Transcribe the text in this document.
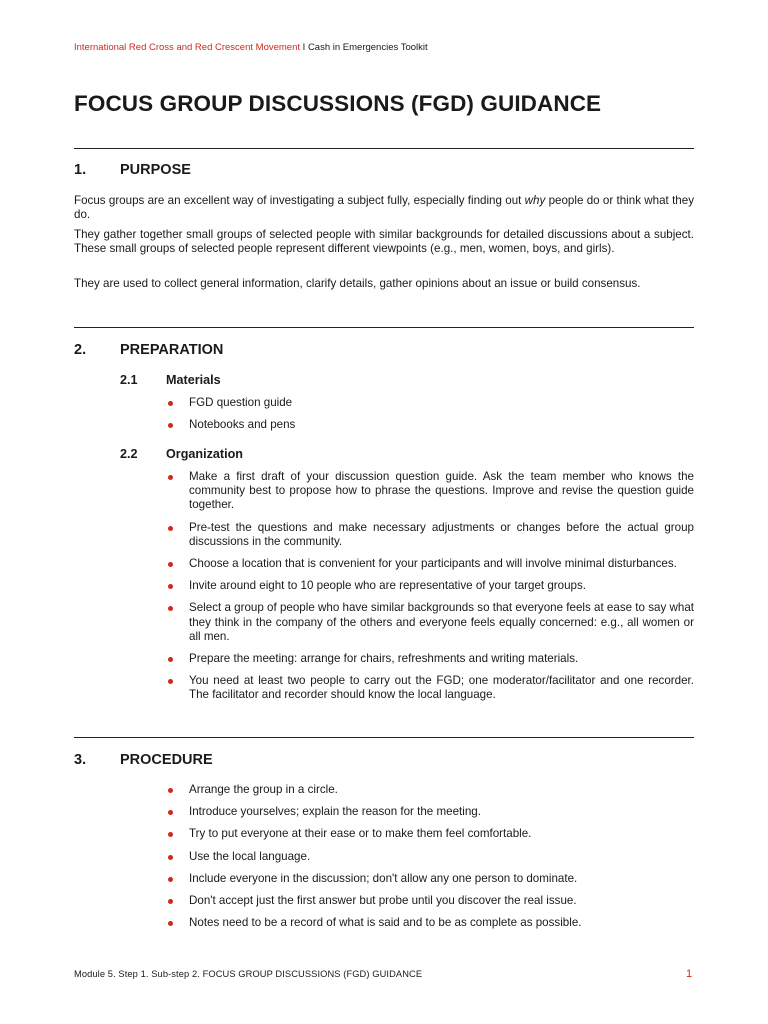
International Red Cross and Red Crescent Movement I Cash in Emergencies Toolkit
FOCUS GROUP DISCUSSIONS (FGD) GUIDANCE
1. PURPOSE

Focus groups are an excellent way of investigating a subject fully, especially finding out why people do or think what they do.

They gather together small groups of selected people with similar backgrounds for detailed discussions about a subject. These small groups of selected people represent different viewpoints (e.g., men, women, boys, and girls).

They are used to collect general information, clarify details, gather opinions about an issue or build consensus.

2. PREPARATION
2.1 Materials
FGD question guide
Notebooks and pens
2.2 Organization
Make a first draft of your discussion question guide. Ask the team member who knows the community best to propose how to phrase the questions. Improve and revise the question guide together.
Pre-test the questions and make necessary adjustments or changes before the actual group discussions in the community.
Choose a location that is convenient for your participants and will involve minimal disturbances.
Invite around eight to 10 people who are representative of your target groups.
Select a group of people who have similar backgrounds so that everyone feels at ease to say what they think in the company of the others and everyone feels equally concerned: e.g., all women or all men.
Prepare the meeting: arrange for chairs, refreshments and writing materials.
You need at least two people to carry out the FGD; one moderator/facilitator and one recorder. The facilitator and recorder should know the local language.
3. PROCEDURE
Arrange the group in a circle.
Introduce yourselves; explain the reason for the meeting.
Try to put everyone at their ease or to make them feel comfortable.
Use the local language.
Include everyone in the discussion; don't allow any one person to dominate.
Don't accept just the first answer but probe until you discover the real issue.
Notes need to be a record of what is said and to be as complete as possible.
Module 5. Step 1. Sub-step 2. FOCUS GROUP DISCUSSIONS (FGD) GUIDANCE	1
